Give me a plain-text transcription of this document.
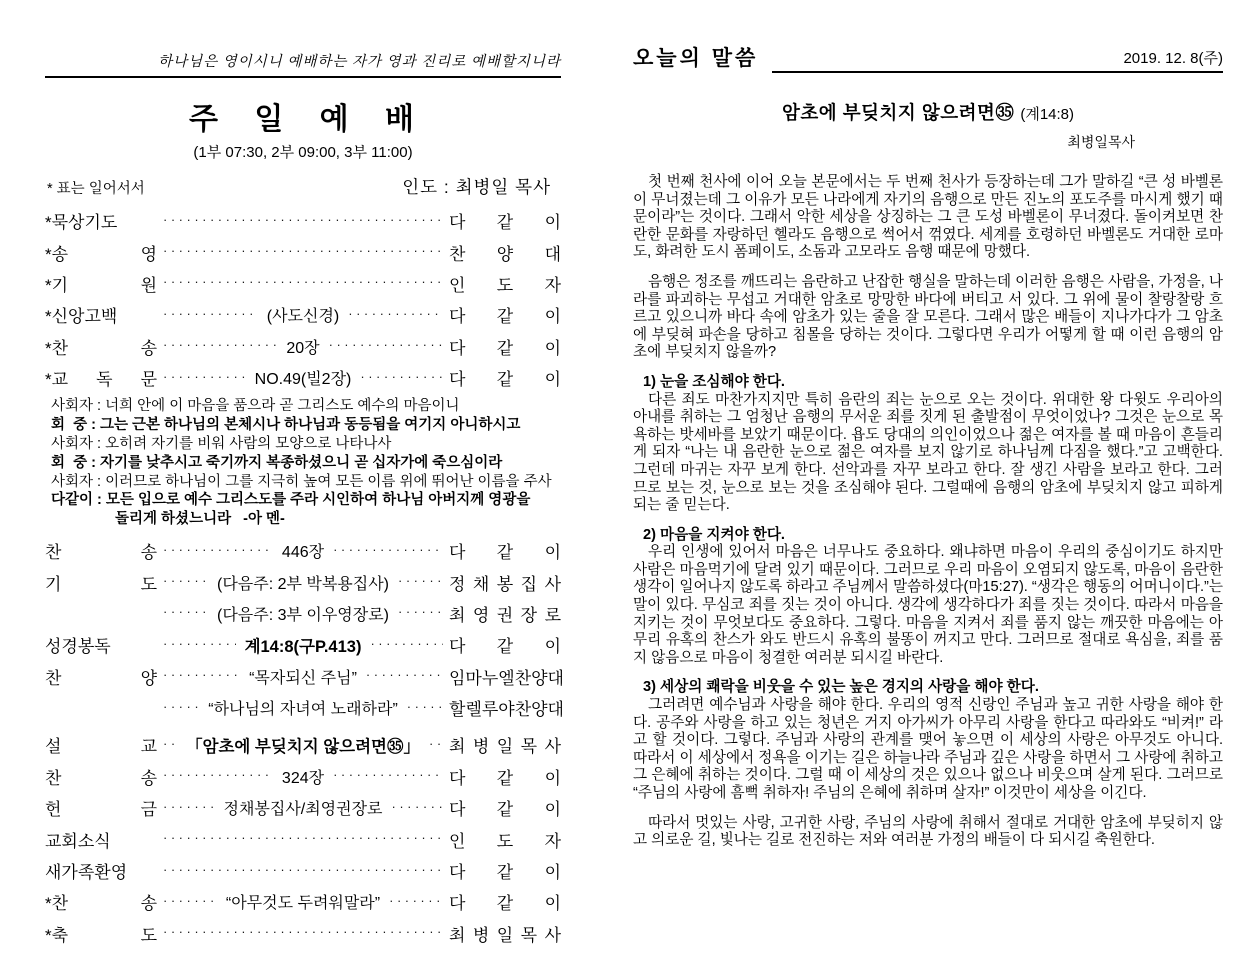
하나님은 영이시니 예배하는 자가 영과 진리로 예배할지니라
주 일 예 배
(1부 07:30, 2부 09:00, 3부 11:00)
* 표는 일어서서	인도 : 최병일 목사
*묵상기도 ·····	다 같 이
*송 영 ·····	찬 양 대
*기 원 ·····	인 도 자
*신앙고백 ·····	(사도신경) ·····	다 같 이
*찬 송 ·····	20장 ·····	다 같 이
*교 독 문 ·····	NO.49(빌2장) ·····	다 같 이
사회자 : 너희 안에 이 마음을 품으라 곧 그리스도 예수의 마음이니
회  중 : 그는 근본 하나님의 본체시나 하나님과 동등됨을 여기지 아니하시고
사회자 : 오히려 자기를 비워 사람의 모양으로 나타나사
회  중 : 자기를 낮추시고 죽기까지 복종하셨으니 곧 십자가에 죽으심이라
사회자 : 이러므로 하나님이 그를 지극히 높여 모든 이름 위에 뛰어난 이름을 주사
다같이 : 모든 입으로 예수 그리스도를 주라 시인하여 하나님 아버지께 영광을
돌리게 하셨느니라   -아 멘-
찬 송 ·····	446장 ·····	다 같 이
기 도 ·····	(다음주: 2부 박복용집사) ·····	정 채 봉 집 사
·····
(다음주: 3부 이우영장로) ·····	최 영 권 장 로
성경봉독 ·····	계14:8(구P.413) ·····	다 같 이
찬 양 ·····	“목자되신 주님” ·····	임마누엘찬양대
·····
“하나님의 자녀여 노래하라” ·····	할렐루야찬양대
설 교 ····· 「암초에 부딪치지 않으려면㉟」 ····· 최 병 일 목 사
찬 송 ·····	324장 ·····	다 같 이
헌 금 ·····	정채봉집사/최영권장로 ·····	다 같 이
교회소식 ·····	인 도 자
새가족환영 ·····	다 같 이
*찬 송 ·····	“아무것도 두려워말라” ·····	다 같 이
*축 도 ·····	최 병 일 목 사
오늘의 말씀	2019. 12. 8(주)
암초에 부딪치지 않으려면㉟ (계14:8)
최병일목사

첫 번째 천사에 이어 오늘 본문에서는 두 번째 천사가 등장하는데 그가 말하길 “큰 성 바벨론이 무너졌는데 그 이유가 모든 나라에게 자기의 음행으로 만든 진노의 포도주를 마시게 했기 때문이라”는 것이다. 그래서 악한 세상을 상징하는 그 큰 도성 바벨론이 무너졌다. 돌이켜보면 찬란한 문화를 자랑하던 헬라도 음행으로 썩어서 꺾였다. 세계를 호령하던 바벨론도 거대한 로마도, 화려한 도시 폼페이도, 소돔과 고모라도 음행 때문에 망했다.

음행은 정조를 깨뜨리는 음란하고 난잡한 행실을 말하는데 이러한 음행은 사람을, 가정을, 나라를 파괴하는 무섭고 거대한 암초로 망망한 바다에 버티고 서 있다. 그 위에 물이 찰랑찰랑 흐르고 있으니까 바다 속에 암초가 있는 줄을 잘 모른다. 그래서 많은 배들이 지나가다가 그 암초에 부딪혀 파손을 당하고 침몰을 당하는 것이다. 그렇다면 우리가 어떻게 할 때 이런 음행의 암초에 부딪치지 않을까?

1) 눈을 조심해야 한다.

다른 죄도 마찬가지지만 특히 음란의 죄는 눈으로 오는 것이다. 위대한 왕 다윗도 우리아의 아내를 취하는 그 엄청난 음행의 무서운 죄를 짓게 된 출발점이 무엇이었나? 그것은 눈으로 목욕하는 밧세바를 보았기 때문이다. 욥도 당대의 의인이었으나 젊은 여자를 볼 때 마음이 흔들리게 되자 “나는 내 음란한 눈으로 젊은 여자를 보지 않기로 하나님께 다짐을 했다.”고 고백한다. 그런데 마귀는 자꾸 보게 한다. 선악과를 자꾸 보라고 한다. 잘 생긴 사람을 보라고 한다. 그러므로 보는 것, 눈으로 보는 것을 조심해야 된다. 그럴때에 음행의 암초에 부딪치지 않고 피하게 되는 줄 믿는다.

2) 마음을 지켜야 한다.

우리 인생에 있어서 마음은 너무나도 중요하다. 왜냐하면 마음이 우리의 중심이기도 하지만 사람은 마음먹기에 달려 있기 때문이다. 그러므로 우리 마음이 오염되지 않도록, 마음이 음란한 생각이 일어나지 않도록 하라고 주님께서 말씀하셨다(마15:27). “생각은 행동의 어머니이다.”는 말이 있다. 무심코 죄를 짓는 것이 아니다. 생각에 생각하다가 죄를 짓는 것이다. 따라서 마음을 지키는 것이 무엇보다도 중요하다. 그렇다. 마음을 지켜서 죄를 품지 않는 깨끗한 마음에는 아무리 유혹의 찬스가 와도 반드시 유혹의 불똥이 꺼지고 만다. 그러므로 절대로 욕심을, 죄를 품지 않음으로 마음이 청결한 여러분 되시길 바란다.

3) 세상의 쾌락을 비웃을 수 있는 높은 경지의 사랑을 해야 한다.

그러려면 예수님과 사랑을 해야 한다. 우리의 영적 신랑인 주님과 높고 귀한 사랑을 해야 한다. 공주와 사랑을 하고 있는 청년은 거지 아가씨가 아무리 사랑을 한다고 따라와도 “비켜!” 라고 할 것이다. 그렇다. 주님과 사랑의 관계를 맺어 놓으면 이 세상의 사랑은 아무것도 아니다. 따라서 이 세상에서 정욕을 이기는 길은 하늘나라 주님과 깊은 사랑을 하면서 그 사랑에 취하고 그 은혜에 취하는 것이다. 그럴 때 이 세상의 것은 있으나 없으나 비웃으며 살게 된다. 그러므로 “주님의 사랑에 흠뻑 취하자! 주님의 은혜에 취하며 살자!” 이것만이 세상을 이긴다.

따라서 멋있는 사랑, 고귀한 사랑, 주님의 사랑에 취해서 절대로 거대한 암초에 부딪히지 않고 의로운 길, 빛나는 길로 전진하는 저와 여러분 가정의 배들이 다 되시길 축원한다.
